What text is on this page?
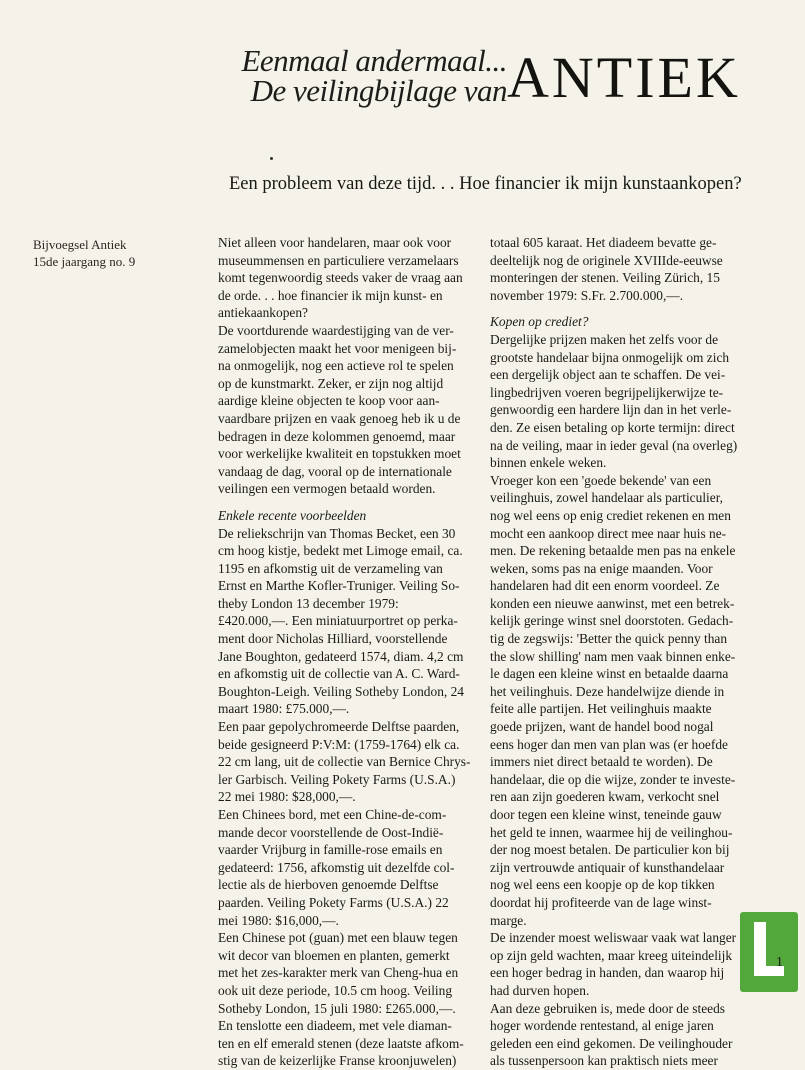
Eenmaal andermaal...
De veilingbijlage van ANTIEK
Een probleem van deze tijd. . . Hoe financier ik mijn kunstaankopen?
Bijvoegsel Antiek
15de jaargang no. 9
Niet alleen voor handelaren, maar ook voor
museummensen en particuliere verzamelaars
komt tegenwoordig steeds vaker de vraag aan
de orde. . . hoe financier ik mijn kunst- en
antiekaankopen?
De voortdurende waardestijging van de ver-
zamelobjecten maakt het voor menigeen bij-
na onmogelijk, nog een actieve rol te spelen
op de kunstmarkt. Zeker, er zijn nog altijd
aardige kleine objecten te koop voor aan-
vaardbare prijzen en vaak genoeg heb ik u de
bedragen in deze kolommen genoemd, maar
voor werkelijke kwaliteit en topstukken moet
vandaag de dag, vooral op de internationale
veilingen een vermogen betaald worden.
Enkele recente voorbeelden
De reliekschrijn van Thomas Becket, een 30
cm hoog kistje, bedekt met Limoge email, ca.
1195 en afkomstig uit de verzameling van
Ernst en Marthe Kofler-Truniger. Veiling So-
theby London 13 december 1979:
£420.000,—. Een miniatuurportret op perka-
ment door Nicholas Hilliard, voorstellende
Jane Boughton, gedateerd 1574, diam. 4,2 cm
en afkomstig uit de collectie van A. C. Ward-
Boughton-Leigh. Veiling Sotheby London, 24
maart 1980: £75.000,—.
Een paar gepolychromeerde Delftse paarden,
beide gesigneerd P:V:M: (1759-1764) elk ca.
22 cm lang, uit de collectie van Bernice Chrys-
ler Garbisch. Veiling Pokety Farms (U.S.A.)
22 mei 1980: $28,000,—.
Een Chinees bord, met een Chine-de-com-
mande decor voorstellende de Oost-Indië-
vaarder Vrijburg in famille-rose emails en
gedateerd: 1756, afkomstig uit dezelfde col-
lectie als de hierboven genoemde Delftse
paarden. Veiling Pokety Farms (U.S.A.) 22
mei 1980: $16,000,—.
Een Chinese pot (guan) met een blauw tegen
wit decor van bloemen en planten, gemerkt
met het zes-karakter merk van Cheng-hua en
ook uit deze periode, 10.5 cm hoog. Veiling
Sotheby London, 15 juli 1980: £265.000,—.
En tenslotte een diadeem, met vele diaman-
ten en elf emerald stenen (deze laatste afkom-
stig van de keizerlijke Franse kroonjuwelen)
totaal 605 karaat. Het diadeem bevatte ge-
deeltelijk nog de originele XVIIIde-eeuwse
monteringen der stenen. Veiling Zürich, 15
november 1979: S.Fr. 2.700.000,—.
Kopen op crediet?
Dergelijke prijzen maken het zelfs voor de
grootste handelaar bijna onmogelijk om zich
een dergelijk object aan te schaffen. De vei-
lingbedrijven voeren begrijpelijkerwijze te-
genwoordig een hardere lijn dan in het verle-
den. Ze eisen betaling op korte termijn: direct
na de veiling, maar in ieder geval (na overleg)
binnen enkele weken.
Vroeger kon een 'goede bekende' van een
veilinghuis, zowel handelaar als particulier,
nog wel eens op enig crediet rekenen en men
mocht een aankoop direct mee naar huis ne-
men. De rekening betaalde men pas na enkele
weken, soms pas na enige maanden. Voor
handelaren had dit een enorm voordeel. Ze
konden een nieuwe aanwinst, met een betrek-
kelijk geringe winst snel doorstoten. Gedach-
tig de zegswijs: 'Better the quick penny than
the slow shilling' nam men vaak binnen enke-
le dagen een kleine winst en betaalde daarna
het veilinghuis. Deze handelwijze diende in
feite alle partijen. Het veilinghuis maakte
goede prijzen, want de handel bood nogal
eens hoger dan men van plan was (er hoefde
immers niet direct betaald te worden). De
handelaar, die op die wijze, zonder te investe-
ren aan zijn goederen kwam, verkocht snel
door tegen een kleine winst, teneinde gauw
het geld te innen, waarmee hij de veilinghou-
der nog moest betalen. De particulier kon bij
zijn vertrouwde antiquair of kunsthandelaar
nog wel eens een koopje op de kop tikken
doordat hij profiteerde van de lage winst-
marge.
De inzender moest weliswaar vaak wat langer
op zijn geld wachten, maar kreeg uiteindelijk
een hoger bedrag in handen, dan waarop hij
had durven hopen.
Aan deze gebruiken is, mede door de steeds
hoger wordende rentestand, al enige jaren
geleden een eind gekomen. De veilinghouder
als tussenpersoon kan praktisch niets meer
1
